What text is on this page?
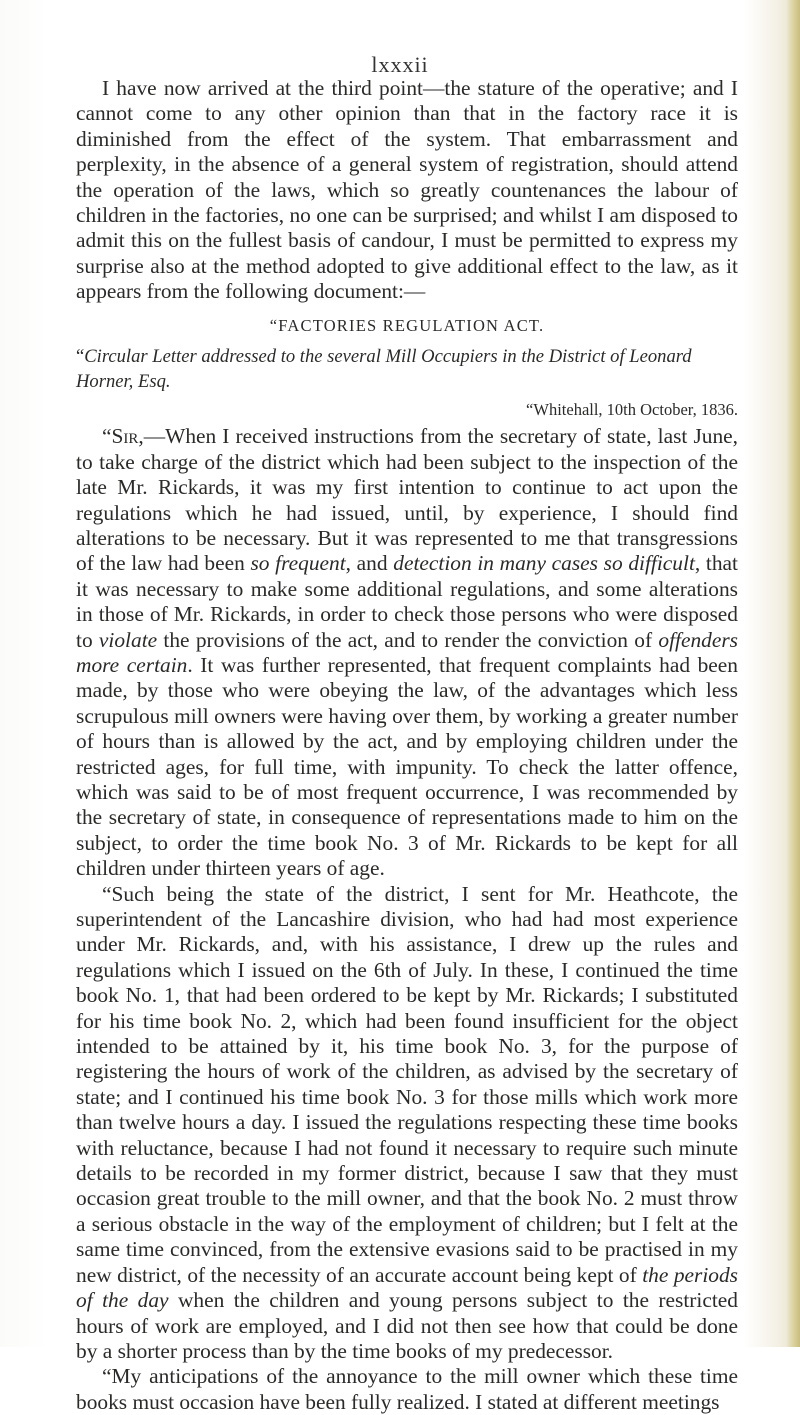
lxxxii

I have now arrived at the third point—the stature of the operative; and I cannot come to any other opinion than that in the factory race it is diminished from the effect of the system. That embarrassment and perplexity, in the absence of a general system of registration, should attend the operation of the laws, which so greatly countenances the labour of children in the factories, no one can be surprised; and whilst I am disposed to admit this on the fullest basis of candour, I must be permitted to express my surprise also at the method adopted to give additional effect to the law, as it appears from the following document:—

“ FACTORIES REGULATION ACT.
“ Circular Letter addressed to the several Mill Occupiers in the District of Leonard Horner, Esq.
“ Whitehall, 10th October, 1836.

“ Sir,—When I received instructions from the secretary of state, last June, to take charge of the district which had been subject to the inspection of the late Mr. Rickards, it was my first intention to continue to act upon the regulations which he had issued, until, by experience, I should find alterations to be necessary. But it was represented to me that transgressions of the law had been so frequent, and detection in many cases so difficult, that it was necessary to make some additional regulations, and some alterations in those of Mr. Rickards, in order to check those persons who were disposed to violate the provisions of the act, and to render the conviction of offenders more certain. It was further represented, that frequent complaints had been made, by those who were obeying the law, of the advantages which less scrupulous mill owners were having over them, by working a greater number of hours than is allowed by the act, and by employing children under the restricted ages, for full time, with impunity. To check the latter offence, which was said to be of most frequent occurrence, I was recommended by the secretary of state, in consequence of representations made to him on the subject, to order the time book No. 3 of Mr. Rickards to be kept for all children under thirteen years of age.

“ Such being the state of the district, I sent for Mr. Heathcote, the superintendent of the Lancashire division, who had had most experience under Mr. Rickards, and, with his assistance, I drew up the rules and regulations which I issued on the 6th of July. In these, I continued the time book No. 1, that had been ordered to be kept by Mr. Rickards; I substituted for his time book No. 2, which had been found insufficient for the object intended to be attained by it, his time book No. 3, for the purpose of registering the hours of work of the children, as advised by the secretary of state; and I continued his time book No. 3 for those mills which work more than twelve hours a day. I issued the regulations respecting these time books with reluctance, because I had not found it necessary to require such minute details to be recorded in my former district, because I saw that they must occasion great trouble to the mill owner, and that the book No. 2 must throw a serious obstacle in the way of the employment of children; but I felt at the same time convinced, from the extensive evasions said to be practised in my new district, of the necessity of an accurate account being kept of the periods of the day when the children and young persons subject to the restricted hours of work are employed, and I did not then see how that could be done by a shorter process than by the time books of my predecessor.

“ My anticipations of the annoyance to the mill owner which these time books must occasion have been fully realized. I stated at different meetings
